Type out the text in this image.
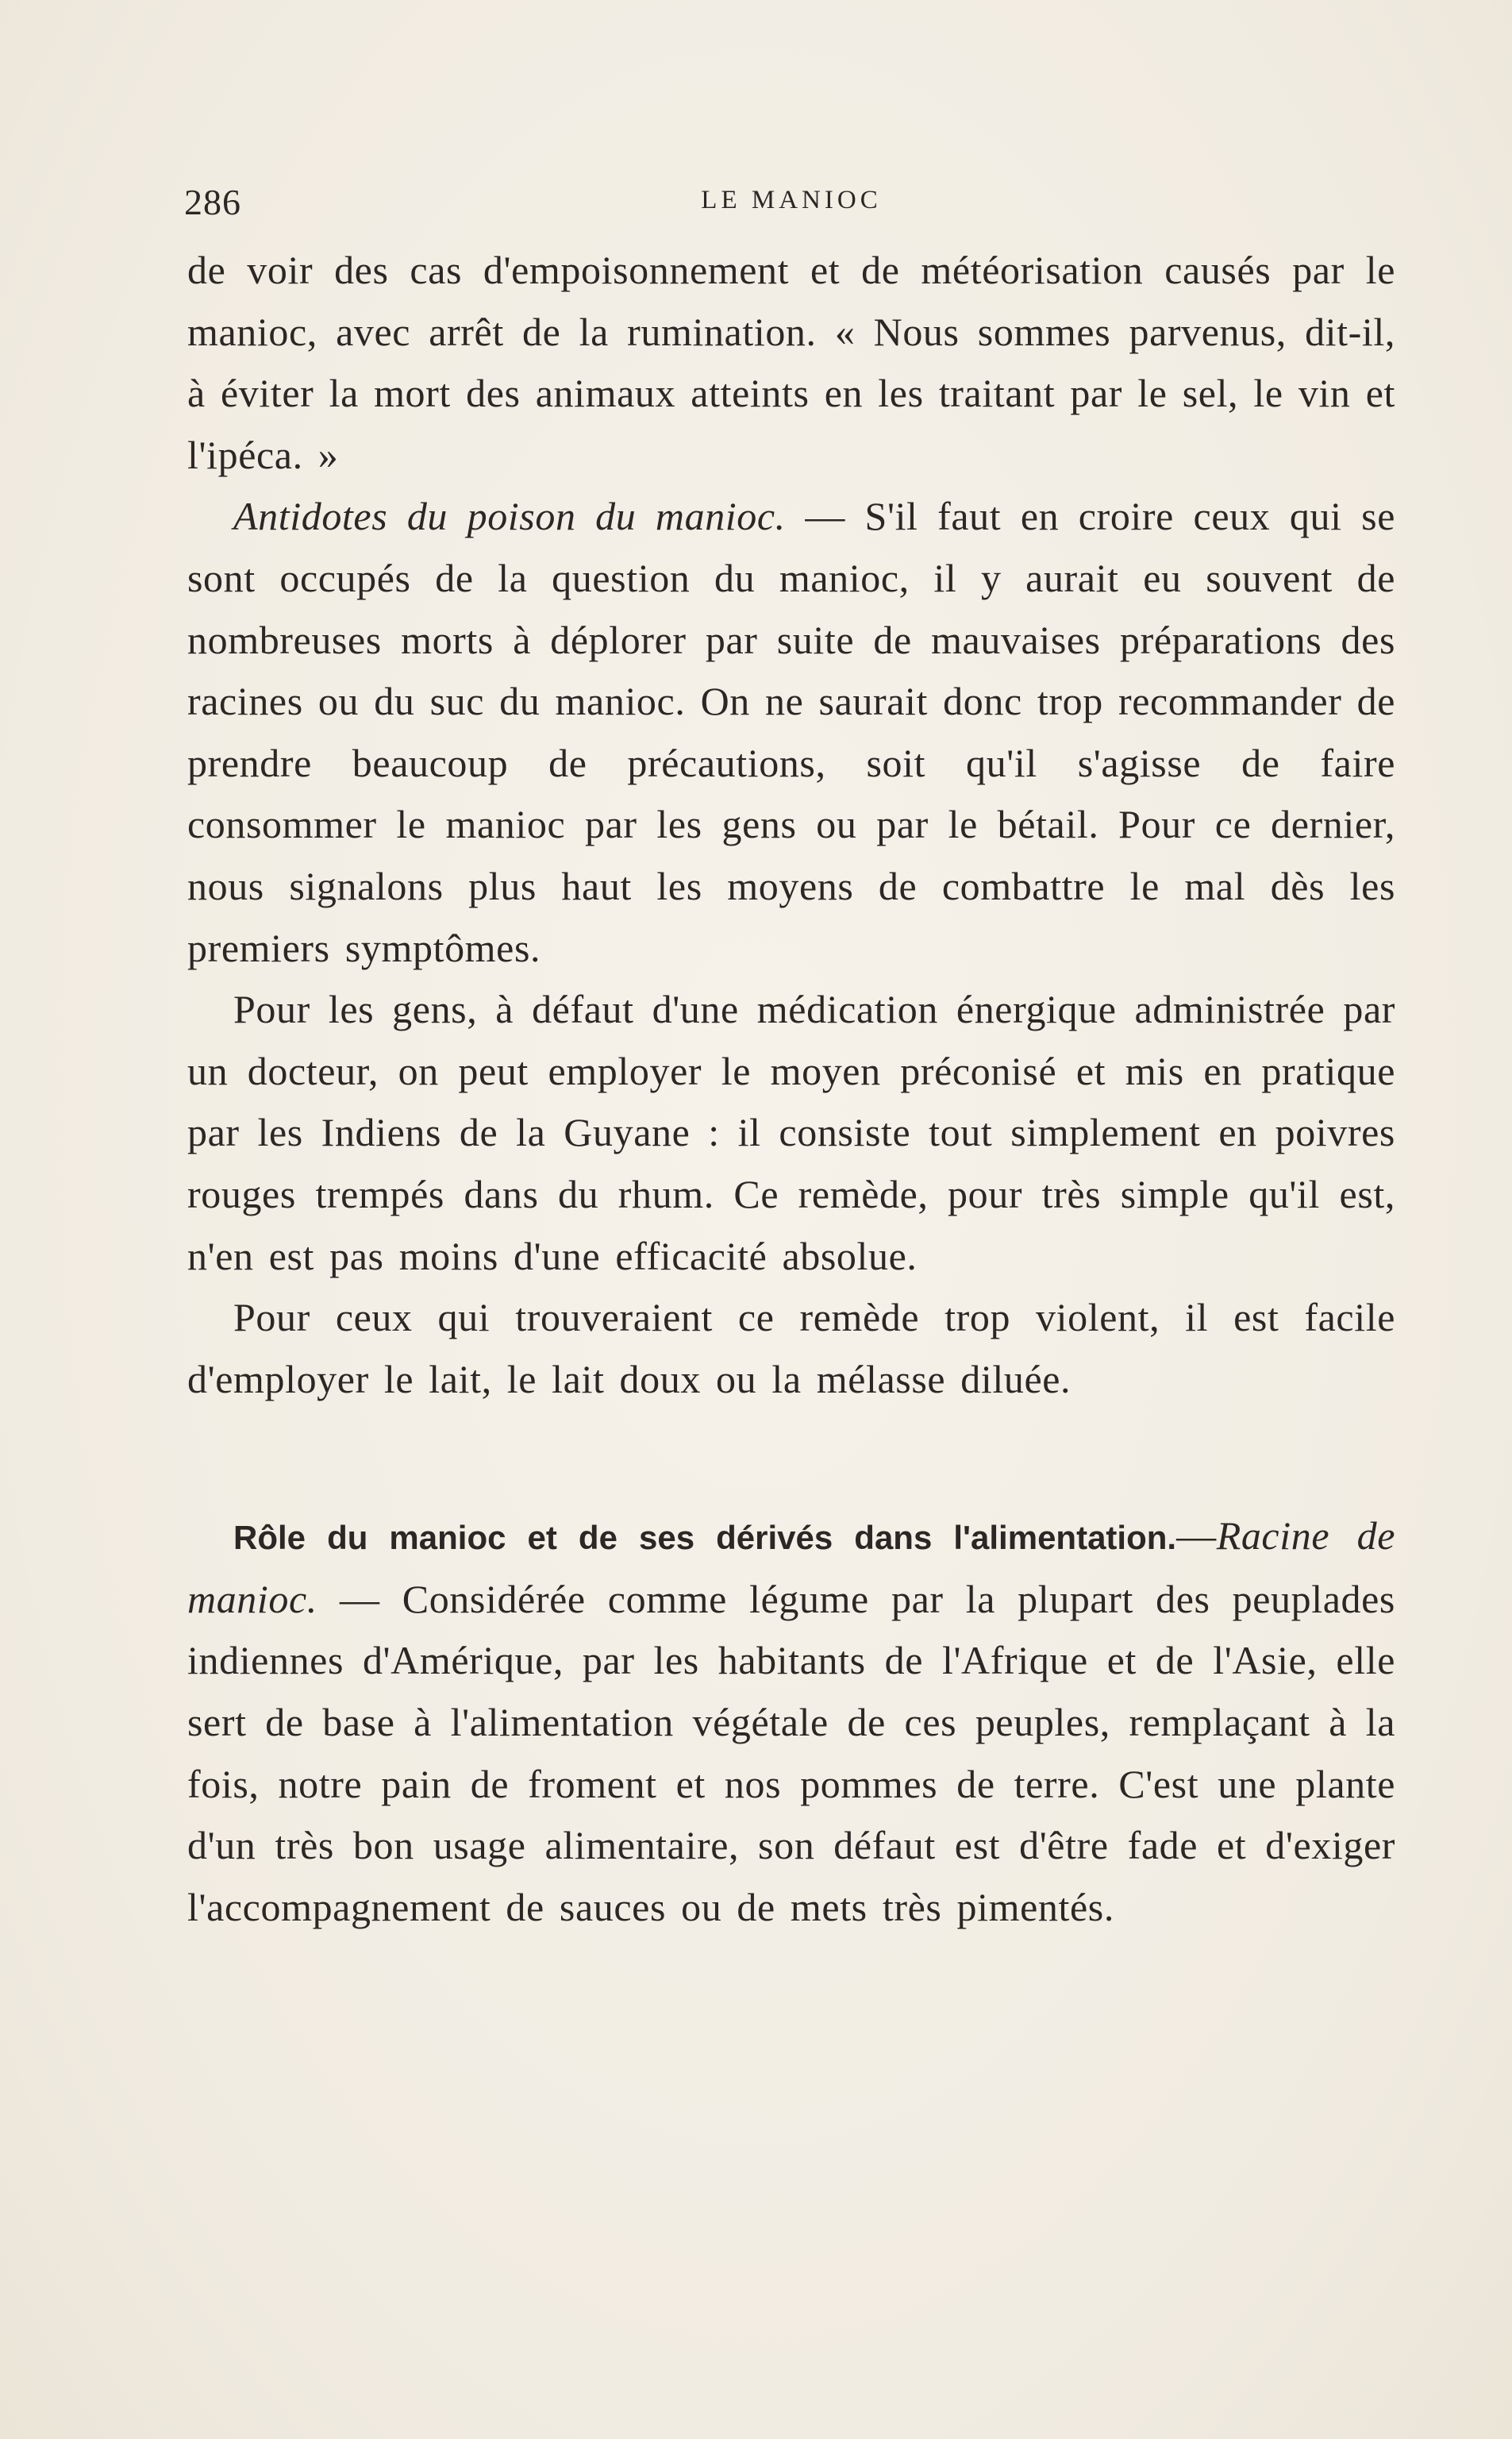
286	LE MANIOC

de voir des cas d'empoisonnement et de météorisation causés par le manioc, avec arrêt de la rumination. « Nous sommes parvenus, dit-il, à éviter la mort des animaux atteints en les traitant par le sel, le vin et l'ipéca. »

Antidotes du poison du manioc. — S'il faut en croire ceux qui se sont occupés de la question du manioc, il y aurait eu souvent de nombreuses morts à déplorer par suite de mauvaises préparations des racines ou du suc du manioc. On ne saurait donc trop recommander de prendre beaucoup de précautions, soit qu'il s'agisse de faire consommer le manioc par les gens ou par le bétail. Pour ce dernier, nous signalons plus haut les moyens de combattre le mal dès les premiers symptômes.

Pour les gens, à défaut d'une médication énergique administrée par un docteur, on peut employer le moyen préconisé et mis en pratique par les Indiens de la Guyane : il consiste tout simplement en poivres rouges trempés dans du rhum. Ce remède, pour très simple qu'il est, n'en est pas moins d'une efficacité absolue.

Pour ceux qui trouveraient ce remède trop violent, il est facile d'employer le lait, le lait doux ou la mélasse diluée.

Rôle du manioc et de ses dérivés dans l'alimentation.—Racine de manioc. — Considérée comme légume par la plupart des peuplades indiennes d'Amérique, par les habitants de l'Afrique et de l'Asie, elle sert de base à l'alimentation végétale de ces peuples, remplaçant à la fois, notre pain de froment et nos pommes de terre. C'est une plante d'un très bon usage alimentaire, son défaut est d'être fade et d'exiger l'accompagnement de sauces ou de mets très pimentés.
